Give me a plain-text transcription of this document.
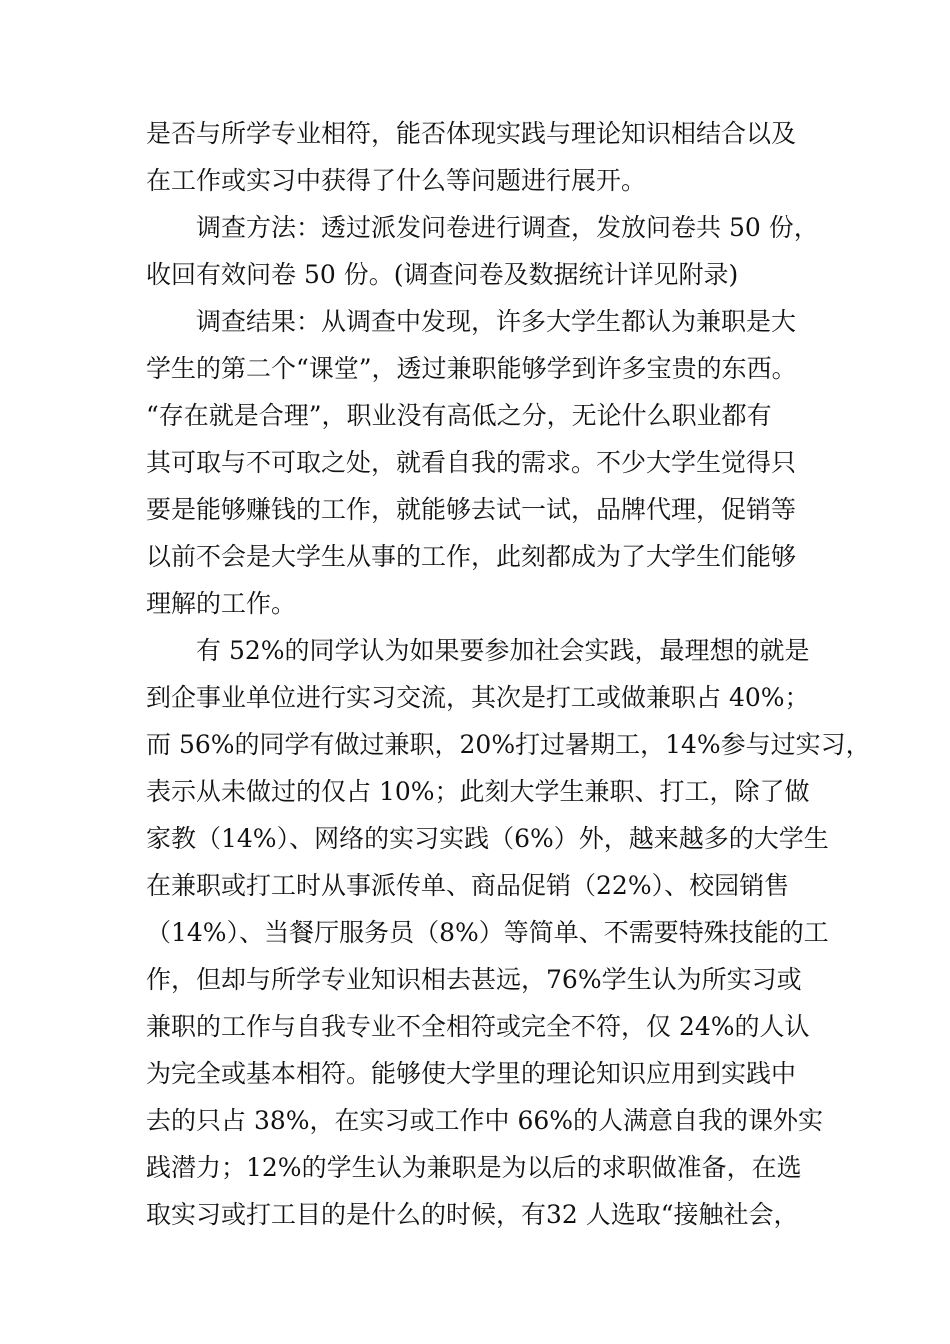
是否与所学专业相符，能否体现实践与理论知识相结合以及
在工作或实习中获得了什么等问题进行展开。
调查方法：透过派发问卷进行调查，发放问卷共 50 份，
收回有效问卷 50 份。(调查问卷及数据统计详见附录)
调查结果：从调查中发现，许多大学生都认为兼职是大
学生的第二个“课堂”，透过兼职能够学到许多宝贵的东西。
“存在就是合理”，职业没有高低之分，无论什么职业都有
其可取与不可取之处，就看自我的需求。不少大学生觉得只
要是能够赚钱的工作，就能够去试一试，品牌代理，促销等
以前不会是大学生从事的工作，此刻都成为了大学生们能够
理解的工作。
有 52%的同学认为如果要参加社会实践，最理想的就是
到企事业单位进行实习交流，其次是打工或做兼职占 40%；
而 56%的同学有做过兼职，20%打过暑期工，14%参与过实习，
表示从未做过的仅占 10%；此刻大学生兼职、打工，除了做
家教（14%）、网络的实习实践（6%）外，越来越多的大学生
在兼职或打工时从事派传单、商品促销（22%）、校园销售
（14%）、当餐厅服务员（8%）等简单、不需要特殊技能的工
作，但却与所学专业知识相去甚远，76%学生认为所实习或
兼职的工作与自我专业不全相符或完全不符，仅 24%的人认
为完全或基本相符。能够使大学里的理论知识应用到实践中
去的只占 38%，在实习或工作中 66%的人满意自我的课外实
践潜力；12%的学生认为兼职是为以后的求职做准备，在选
取实习或打工目的是什么的时候，有32 人选取“接触社会，
